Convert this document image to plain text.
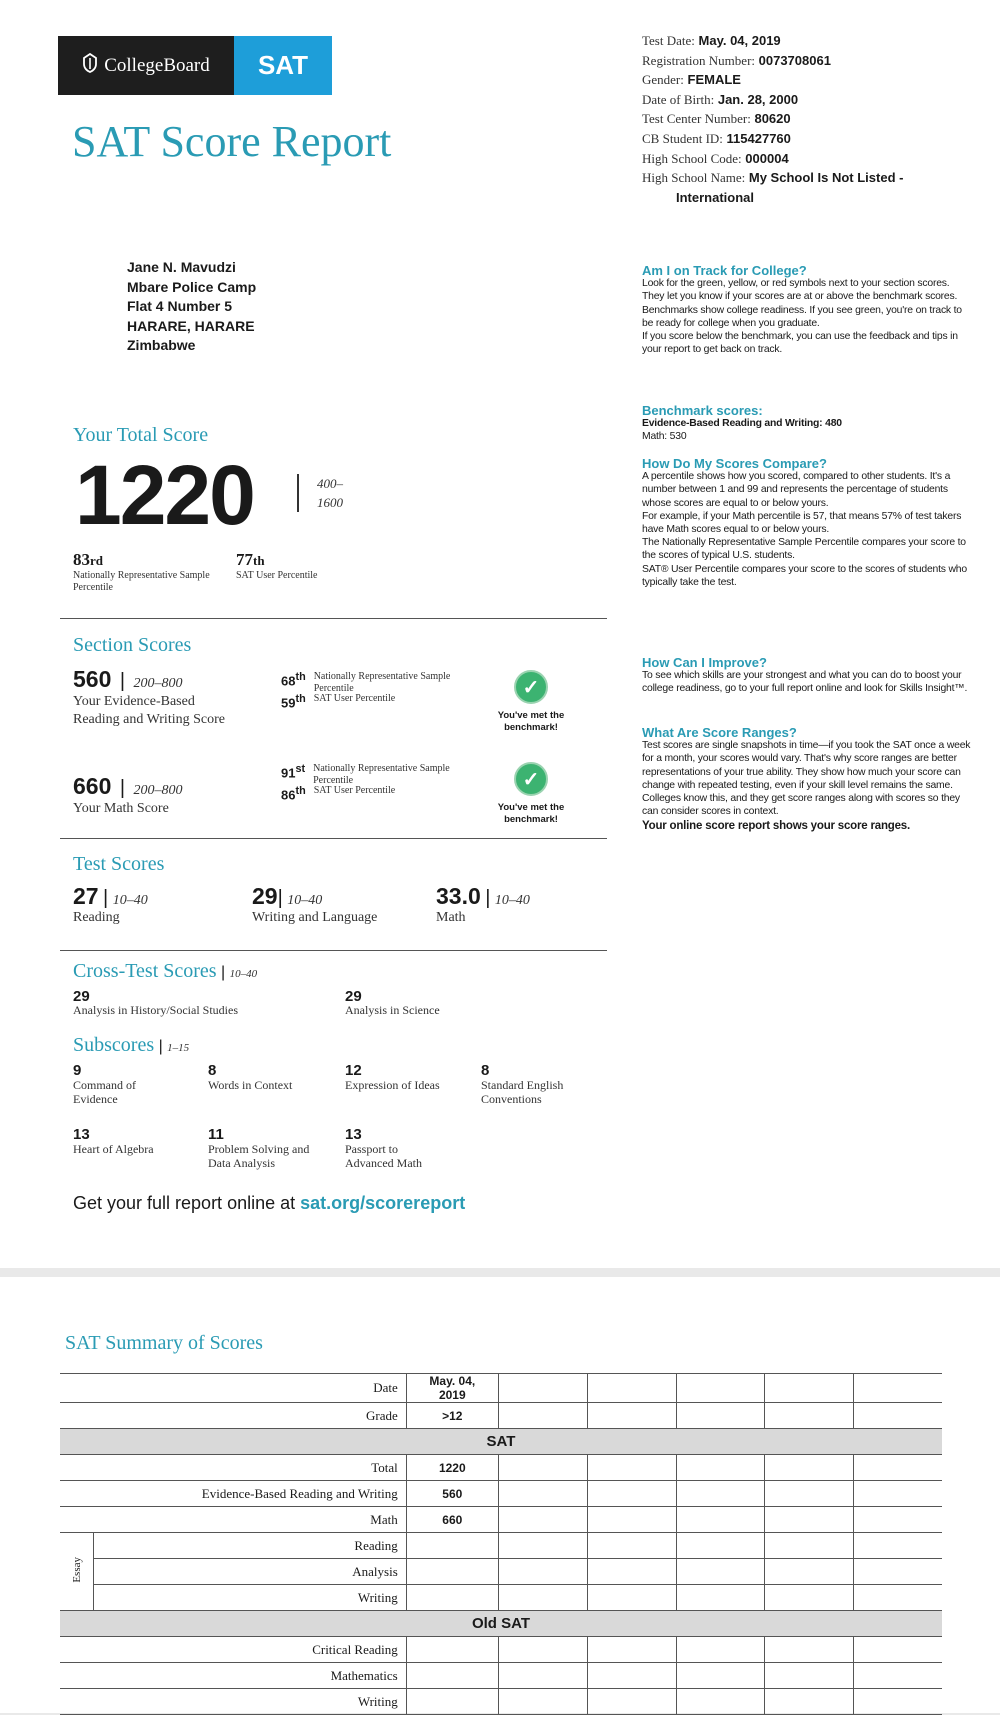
CollegeBoard	SAT
SAT Score Report
Test Date: May. 04, 2019
Registration Number: 0073708061
Gender: FEMALE
Date of Birth: Jan. 28, 2000
Test Center Number: 80620
CB Student ID: 115427760
High School Code: 000004
High School Name: My School Is Not Listed -
International
Jane N. Mavudzi
Mbare Police Camp
Flat 4 Number 5
HARARE, HARARE
Zimbabwe
Am I on Track for College?

Look for the green, yellow, or red symbols next to your section scores. They let you know if your scores are at or above the benchmark scores. Benchmarks show college readiness. If you see green, you're on track to be ready for college when you graduate.

If you score below the benchmark, you can use the feedback and tips in your report to get back on track.

Benchmark scores:

Evidence-Based Reading and Writing: 480

Math: 530

How Do My Scores Compare?

A percentile shows how you scored, compared to other students. It's a number between 1 and 99 and represents the percentage of students whose scores are equal to or below yours.

For example, if your Math percentile is 57, that means 57% of test takers have Math scores equal to or below yours.

The Nationally Representative Sample Percentile compares your score to the scores of typical U.S. students.

SAT® User Percentile compares your score to the scores of students who typically take the test.

How Can I Improve?

To see which skills are your strongest and what you can do to boost your college readiness, go to your full report online and look for Skills Insight™.

What Are Score Ranges?

Test scores are single snapshots in time—if you took the SAT once a week for a month, your scores would vary. That's why score ranges are better representations of your true ability. They show how much your score can change with repeated testing, even if your skill level remains the same.

Colleges know this, and they get score ranges along with scores so they can consider scores in context.

Your online score report shows your score ranges.

Your Total Score
1220	400–
1600
83rd
Nationally Representative Sample Percentile
77th
SAT User Percentile
Section Scores
560 | 200–800
Your Evidence-Based Reading and Writing Score
68th Nationally Representative Sample Percentile
59th SAT User Percentile	✓
You've met the benchmark!
660 | 200–800
Your Math Score
91st Nationally Representative Sample Percentile
86th SAT User Percentile	✓
You've met the benchmark!
Test Scores
27 | 10–40
Reading
29| 10–40
Writing and Language
33.0 | 10–40
Math
Cross-Test Scores | 10–40
29
Analysis in History/Social Studies
29
Analysis in Science
Subscores | 1–15
9
Command of Evidence
8
Words in Context
12
Expression of Ideas
8
Standard English Conventions
13
Heart of Algebra
11
Problem Solving and Data Analysis
13
Passport to Advanced Math
Get your full report online at sat.org/scorereport
SAT Summary of Scores
Date		May. 04, 2019					
Grade		>12					
SAT							
Total		1220					
Evidence-Based Reading and Writing		560					
Math		660					
Essay	Reading						
	Analysis						
	Writing						
Old SAT							
Critical Reading							
Mathematics							
Writing							
